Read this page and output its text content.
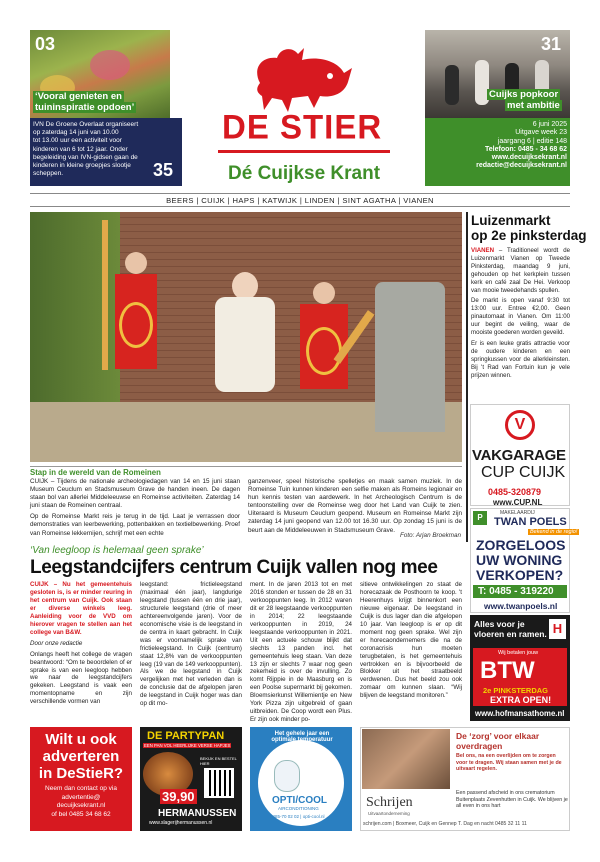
03
‘Vooral genieten en
tuininspiratie opdoen’
31
Cuijks popkoor
met ambitie
IVN De Groene Overlaat organiseert
op zaterdag 14 juni van 10.00
tot 13.00 uur een activiteit voor
kinderen van 6 tot 12 jaar. Onder
begeleiding van IVN-gidsen gaan de
kinderen in kleine groepjes slootje
scheppen.	35
DE STIER
Dé Cuijkse Krant
6 juni 2025
Uitgave week 23
jaargang 6 | editie 148
Telefoon: 0485 - 34 68 62
www.decuijksekrant.nl
redactie@decuijksekrant.nl
BEERS | CUIJK | HAPS | KATWIJK | LINDEN | SINT AGATHA | VIANEN
Stap in de wereld van de Romeinen

CUIJK – Tijdens de nationale archeologiedagen van 14 en 15 juni staan Museum Ceuclum en Stadsmuseum Grave de handen ineen. De dagen staan bol van allerlei Middeleeuwse en Romeinse activiteiten. Zaterdag 14 juni staan de Romeinen centraal.

Op de Romeinse Markt reis je terug in de tijd. Laat je verrassen door demonstraties van leerbewerking, pottenbakken en textielbewerking. Proef van Romeinse lekkernijen, schrijf met een echte

ganzenveer, speel historische spelletjes en maak samen muziek. In de Romeinse Tuin kunnen kinderen een selfie maken als Romeins legionair en hun kennis testen van aardewerk. In het Archeologisch Centrum is de tentoonstelling over de Romeinse weg door het Land van Cuijk te zien. Uiteraard is Museum Ceuclum geopend. Museum en Romeinse Markt zijn zaterdag 14 juni geopend van 12.00 tot 16.30 uur. Op zondag 15 juni is de beurt aan de Middeleeuwen in Stadsmuseum Grave.

Foto: Arjan Broekman
Luizenmarkt
op 2e pinksterdag

VIANEN – Traditioneel wordt de Luizenmarkt Vianen op Tweede Pinksterdag, maandag 9 juni, gehouden op het kerkplein tussen kerk en café zaal De Hei. Verkoop van mooie tweedehands spullen.

De markt is open vanaf 9:30 tot 13:00 uur. Entree €2,00. Geen pinautomaat in Vianen. Om 11:00 uur begint de veiling, waar de mooiste goederen worden geveild.

Er is een leuke gratis attractie voor de oudere kinderen en een springkussen voor de allerkleinsten. Bij 't Rad van Fortuin kun je vele prijzen winnen.

V
VAKGARAGE
CUP CUIJK
0485-320879
www.CUP.NL
P	MAKELAARDIJ
TWAN POELS
Bekend in de regio!
ZORGELOOS
UW WONING
VERKOPEN?
T: 0485 - 319220
www.twanpoels.nl
Alles voor je
vloeren en ramen. H
Wij betalen jouw
BTW
2e PINKSTERDAG
EXTRA OPEN!
www.hofmansathome.nl
‘Van leegloop is helemaal geen sprake’
Leegstandcijfers centrum Cuijk vallen nog mee

CUIJK – Nu het gemeentehuis gesloten is, is er minder reuring in het centrum van Cuijk. Ook staan er diverse winkels leeg. Aanleiding voor de VVD om hierover vragen te stellen aan het college van B&W.

Door onze redactie

Onlangs heeft het college de vragen beantwoord: “Om te beoordelen of er sprake is van een leegloop hebben we naar de leegstandcijfers gekeken. Leegstand is vaak een momentopname en zijn verschillende vormen van

leegstand: frictieleegstand (maximaal één jaar), langdurige leegstand (tussen één en drie jaar), structurele leegstand (drie of meer achtereenvolgende jaren). Voor de economische visie is de leegstand in de centra in kaart gebracht. In Cuijk was er voornamelijk sprake van frictieleegstand. In Cuijk (centrum) staat 12,8% van de verkooppunten leeg (19 van de 149 verkooppunten). Als we de leegstand in Cuijk vergelijken met het verleden dan is de conclusie dat de afgelopen jaren de leegstand in Cuijk hoger was dan op dit mo-

ment. In de jaren 2013 tot en met 2016 stonden er tussen de 28 en 31 verkooppunten leeg. In 2012 waren dit er 28 leegstaande verkooppunten in 2014; 22 leegstaande verkooppunten in 2019, 24 leegstaande verkooppunten in 2021. Uit een actuele schouw blijkt dat slechts 13 panden incl. het gemeentehuis leeg staan. Van deze 13 zijn er slechts 7 waar nog geen zekerheid is over de invulling. Zo komt Rijppie in de Maasburg en is een Poolse supermarkt bij gekomen. Bloemsierkunst Willemientje en New York Pizza zijn uitgebreid of gaan uitbreiden. De Coop wordt een Plus. Er zijn ook minder po-

sitieve ontwikkelingen zo staat de horecazaak de Posthoorn te koop. 't Heerenhuys krijgt binnenkort een nieuwe eigenaar. De leegstand in Cuijk is dus lager dan die afgelopen 10 jaar. Van leegloop is er op dit moment nog geen sprake. Wel zijn er horecaondernemers die na de coronacrisis hun moeten terugbetalen, is het gemeentehuis vertrokken en is bijvoorbeeld de Blokker uit het straatbeeld verdwenen. Dus het beeld zou ook zomaar om kunnen slaan. “Wij blijven de leegstand monitoren.”

Wilt u ook
adverteren
in DeStieR?
Neem dan contact op via
advertentie@
decuijksekrant.nl
of bel 0485 34 68 62
DE PARTYPAN
EEN PAN VOL HEERLIJKE VERSE HAPJES
BEKIJK EN BESTEL HIER
39,90
HERMANUSSEN
www.slagerijhermanussen.nl
Het gehele jaar een optimale temperatuur
OPTI/COOL
AIRCONDITIONING
0485-70 02 02 | opti-cool.nl
De ‘zorg’ voor elkaar
overdragen
Bel ons, na een overlijden om te zorgen voor te dragen. Wij staan samen met je de uitvaart regelen.
Schrijen
Uitvaartonderneming
Een passend afscheid in ons crematorium Buitenplaats Zevenhutten in Cuijk. We blijven je all even in ons hart
schrijen.com | Boxmeer, Cuijk en Gennep T. Dag en nacht 0485 32 11 11
